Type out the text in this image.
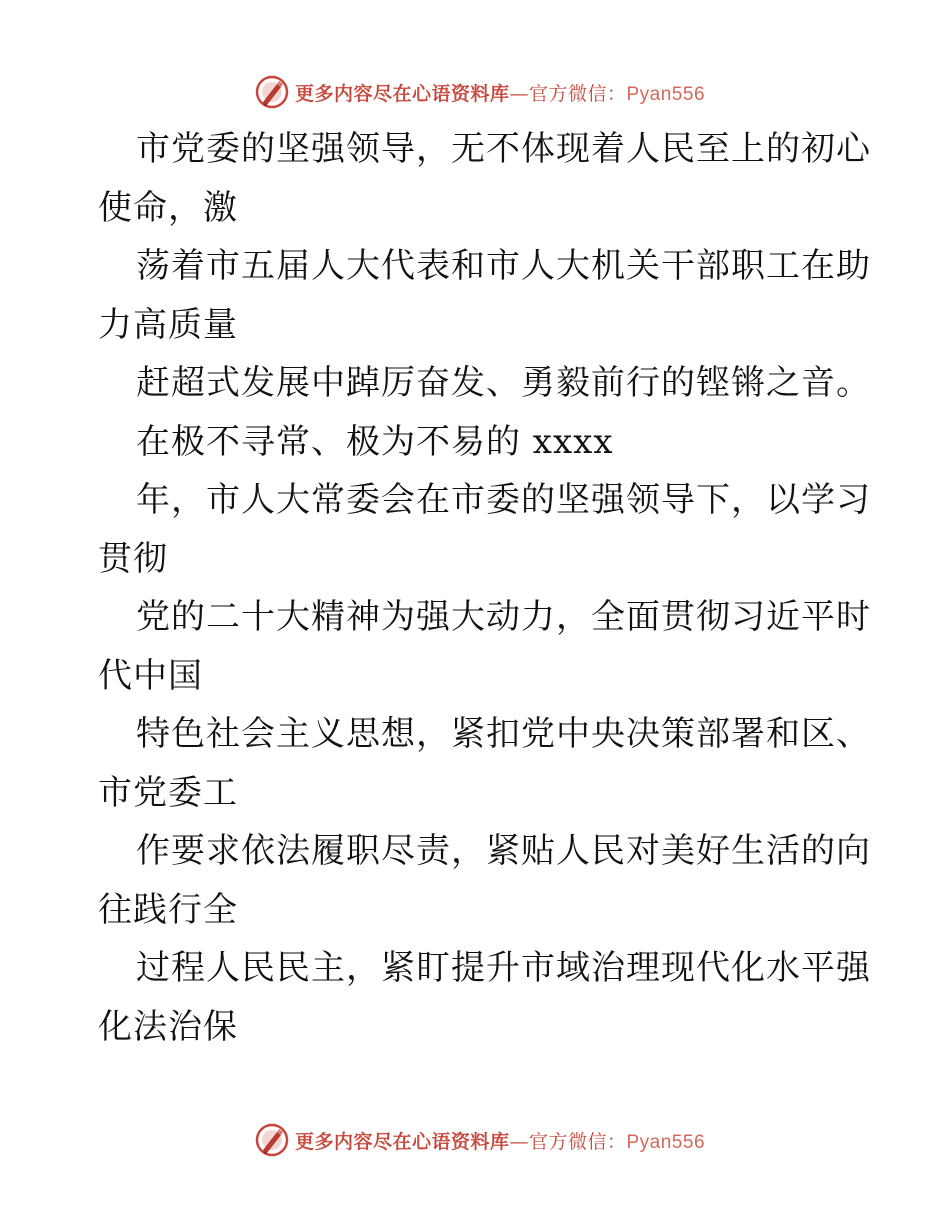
更多内容尽在心语资料库—官方微信：Pyan556
市党委的坚强领导，无不体现着人民至上的初心
使命，激
荡着市五届人大代表和市人大机关干部职工在助
力高质量
赶超式发展中踔厉奋发、勇毅前行的铿锵之音。
在极不寻常、极为不易的 xxxx
年，市人大常委会在市委的坚强领导下，以学习
贯彻
党的二十大精神为强大动力，全面贯彻习近平时
代中国
特色社会主义思想，紧扣党中央决策部署和区、
市党委工
作要求依法履职尽责，紧贴人民对美好生活的向
往践行全
过程人民民主，紧盯提升市域治理现代化水平强
化法治保
更多内容尽在心语资料库—官方微信：Pyan556
